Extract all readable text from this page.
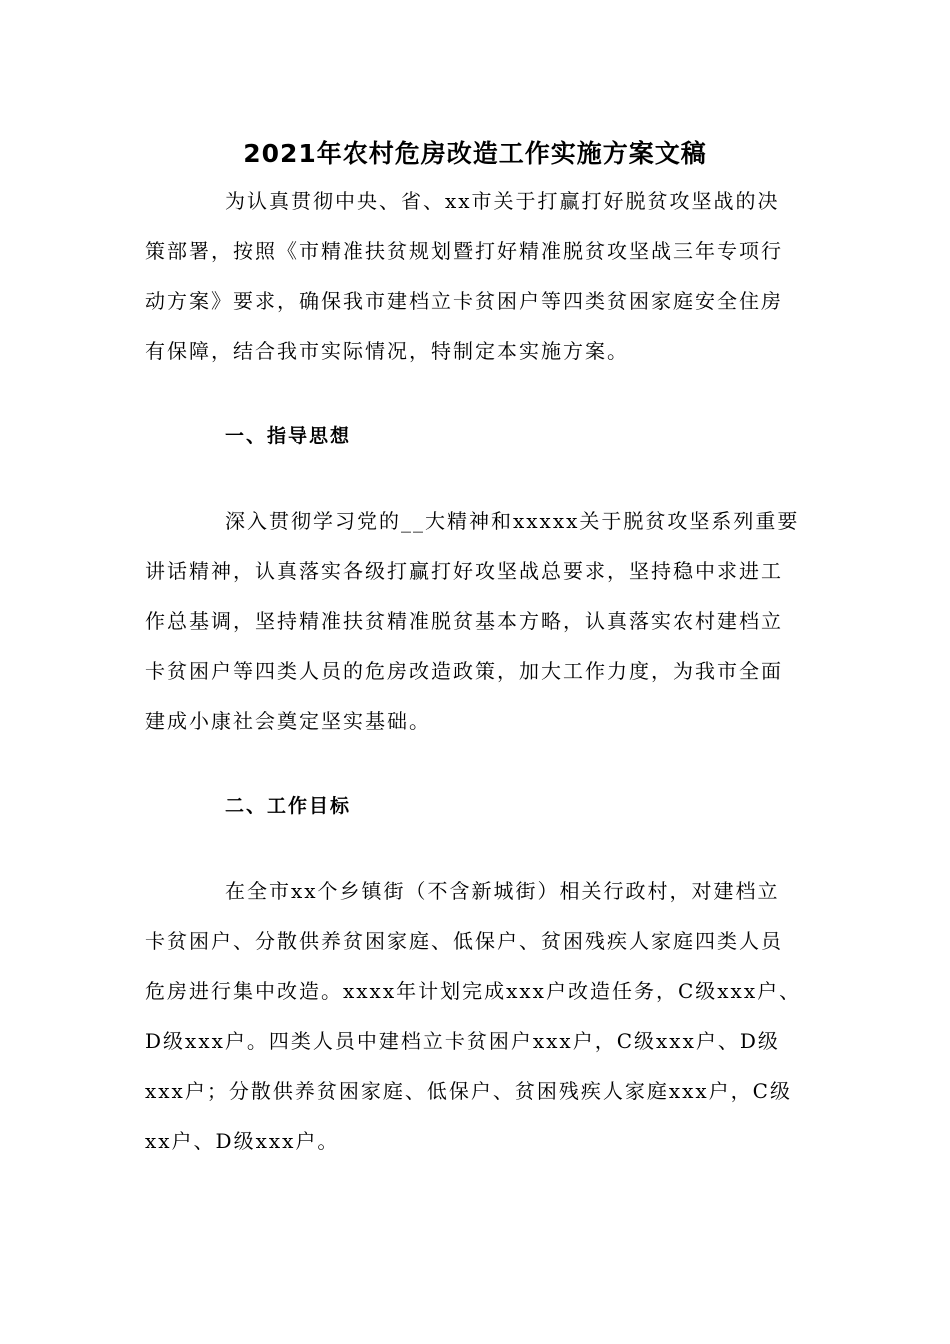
2021年农村危房改造工作实施方案文稿
为认真贯彻中央、省、xx市关于打赢打好脱贫攻坚战的决
策部署，按照《市精准扶贫规划暨打好精准脱贫攻坚战三年专项行
动方案》要求，确保我市建档立卡贫困户等四类贫困家庭安全住房
有保障，结合我市实际情况，特制定本实施方案。
一、指导思想
深入贯彻学习党的__大精神和xxxxx关于脱贫攻坚系列重要
讲话精神，认真落实各级打赢打好攻坚战总要求，坚持稳中求进工
作总基调，坚持精准扶贫精准脱贫基本方略，认真落实农村建档立
卡贫困户等四类人员的危房改造政策，加大工作力度，为我市全面
建成小康社会奠定坚实基础。
二、工作目标
在全市xx个乡镇街（不含新城街）相关行政村，对建档立
卡贫困户、分散供养贫困家庭、低保户、贫困残疾人家庭四类人员
危房进行集中改造。xxxx年计划完成xxx户改造任务，C级xxx户、
D级xxx户。四类人员中建档立卡贫困户xxx户，C级xxx户、D级
xxx户；分散供养贫困家庭、低保户、贫困残疾人家庭xxx户，C级
xx户、D级xxx户。
